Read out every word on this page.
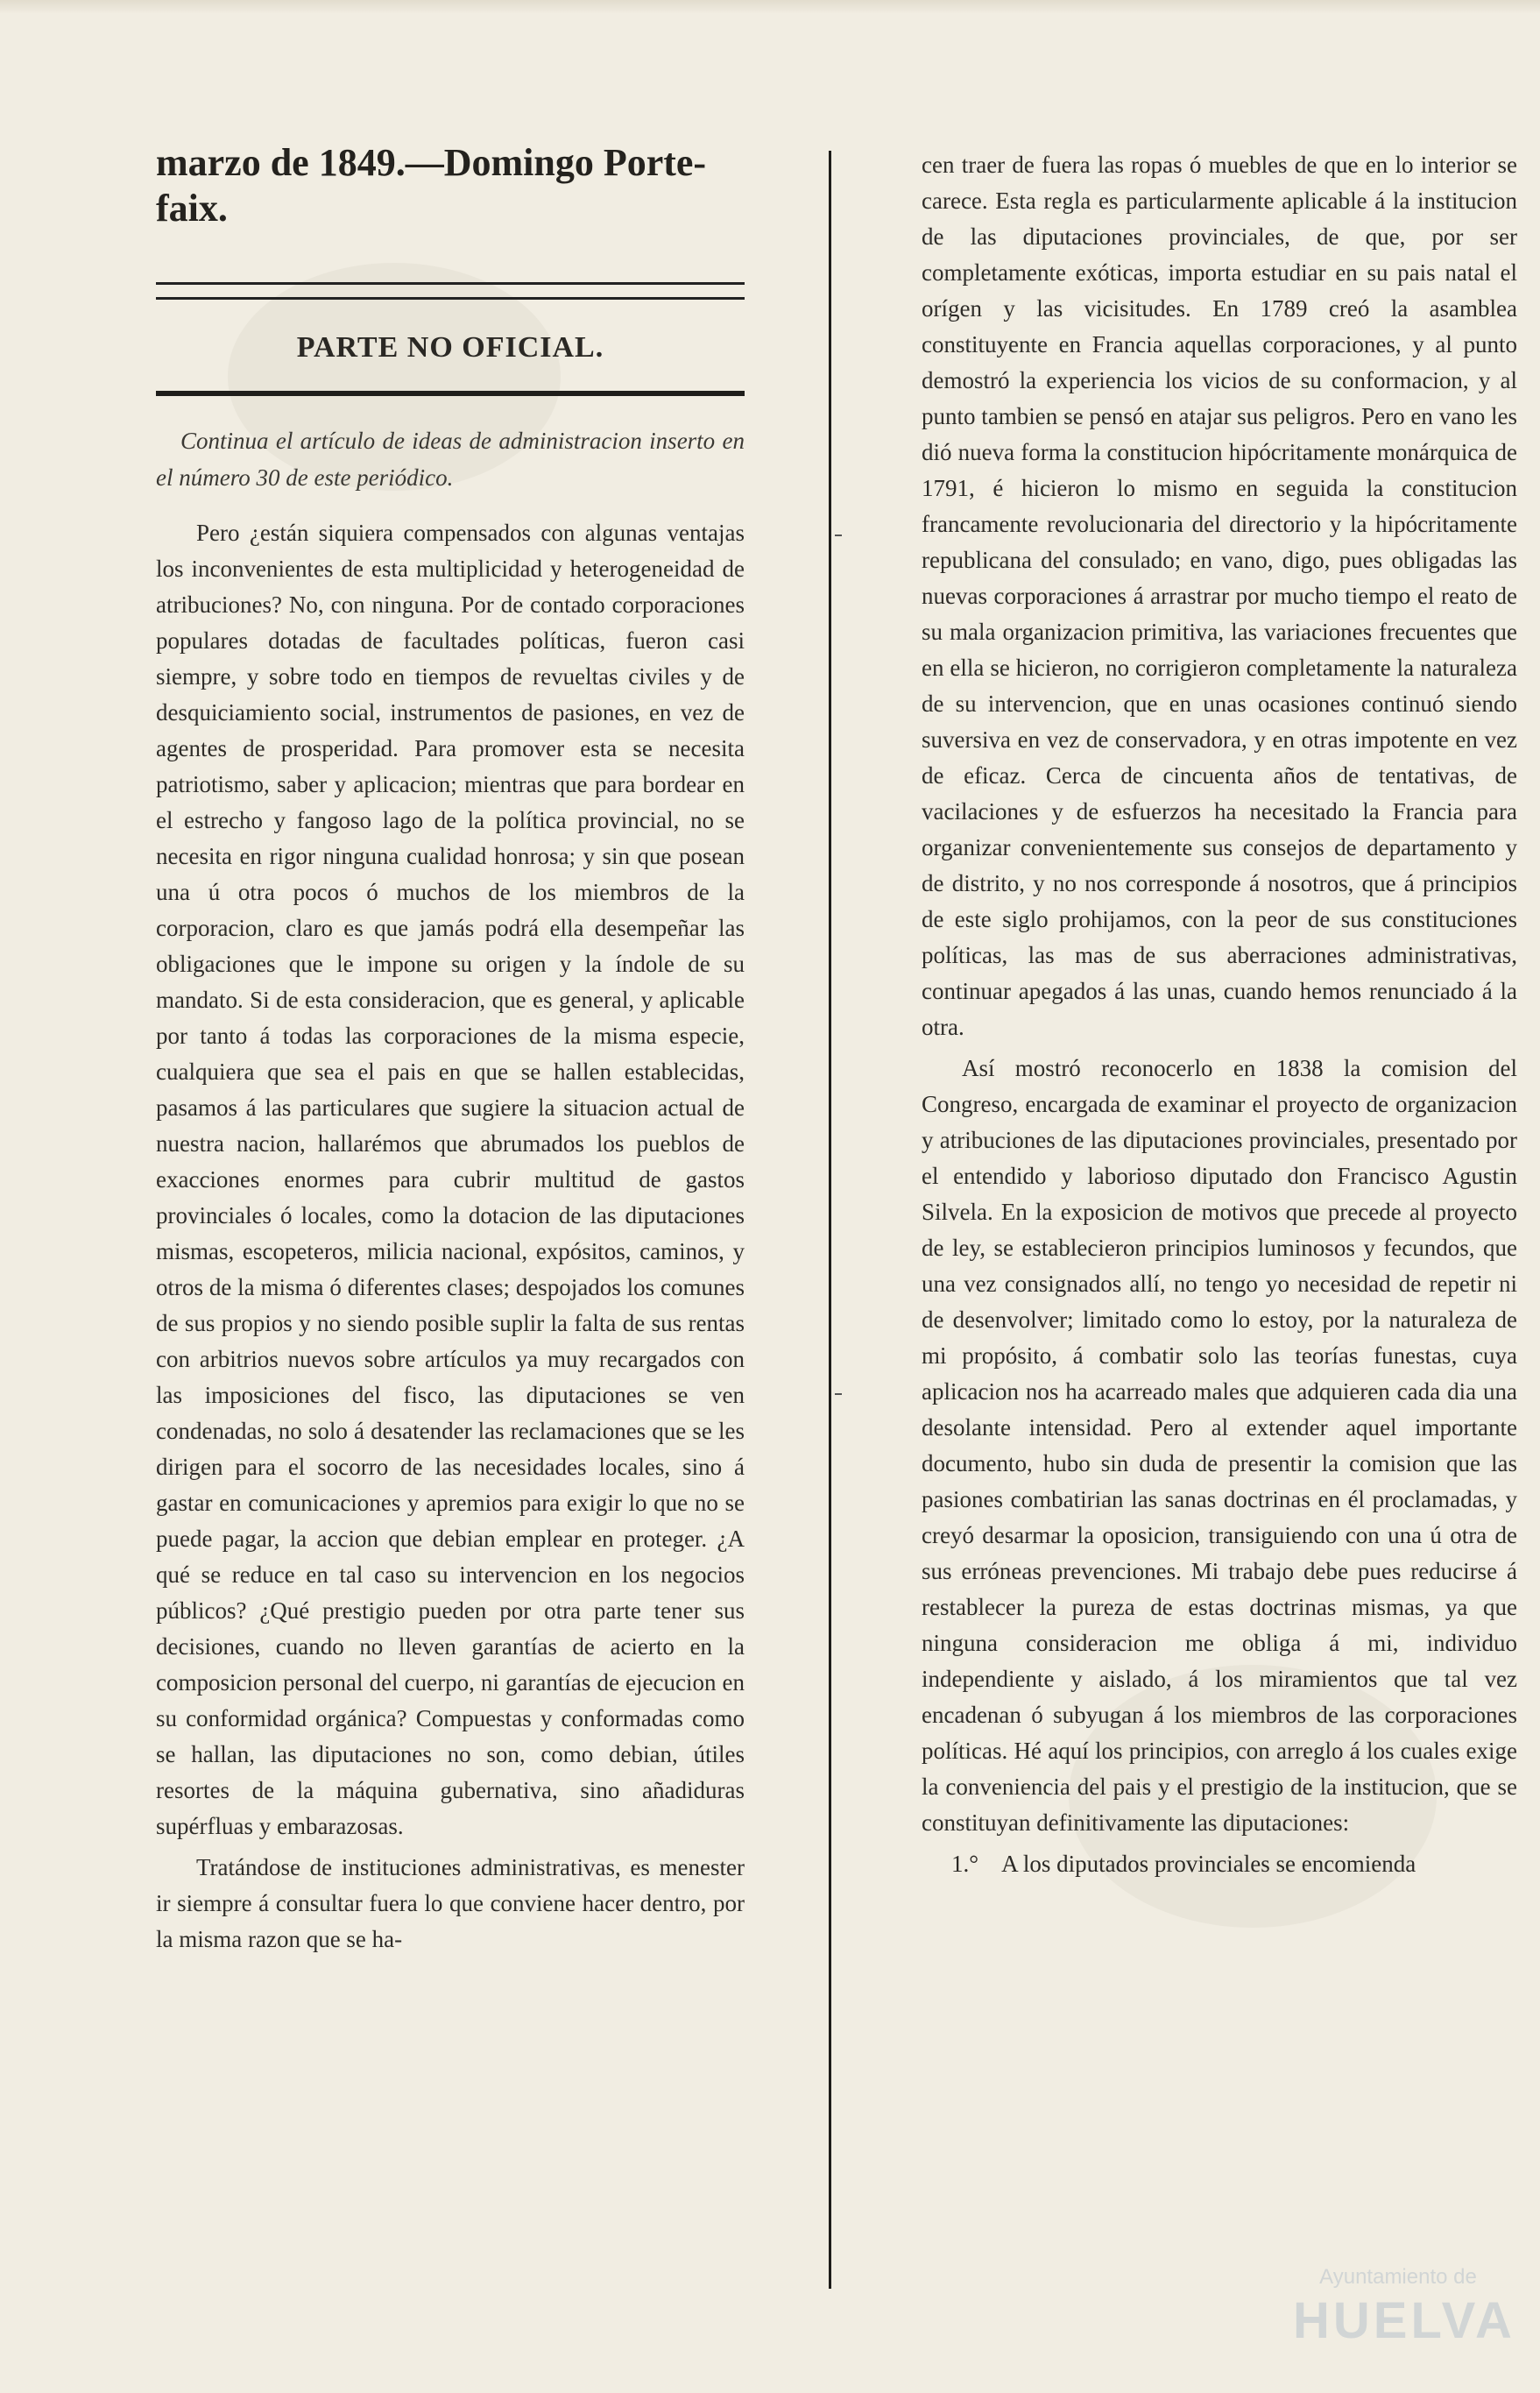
marzo de 1849.—Domingo Porte-
faix.
PARTE NO OFICIAL.

Continua el artículo de ideas de administracion inserto en el número 30 de este periódico.

Pero ¿están siquiera compensados con algunas ventajas los inconvenientes de esta multiplicidad y heterogeneidad de atribuciones? No, con ninguna. Por de contado corporaciones populares dotadas de facultades políticas, fueron casi siempre, y sobre todo en tiempos de revueltas civiles y de desquiciamiento social, instrumentos de pasiones, en vez de agentes de prosperidad. Para promover esta se necesita patriotismo, saber y aplicacion; mientras que para bordear en el estrecho y fangoso lago de la política provincial, no se necesita en rigor ninguna cualidad honrosa; y sin que posean una ú otra pocos ó muchos de los miembros de la corporacion, claro es que jamás podrá ella desempeñar las obligaciones que le impone su origen y la índole de su mandato. Si de esta consideracion, que es general, y aplicable por tanto á todas las corporaciones de la misma especie, cualquiera que sea el pais en que se hallen establecidas, pasamos á las particulares que sugiere la situacion actual de nuestra nacion, hallarémos que abrumados los pueblos de exacciones enormes para cubrir multitud de gastos provinciales ó locales, como la dotacion de las diputaciones mismas, escopeteros, milicia nacional, expósitos, caminos, y otros de la misma ó diferentes clases; despojados los comunes de sus propios y no siendo posible suplir la falta de sus rentas con arbitrios nuevos sobre artículos ya muy recargados con las imposiciones del fisco, las diputaciones se ven condenadas, no solo á desatender las reclamaciones que se les dirigen para el socorro de las necesidades locales, sino á gastar en comunicaciones y apremios para exigir lo que no se puede pagar, la accion que debian emplear en proteger. ¿A qué se reduce en tal caso su intervencion en los negocios públicos? ¿Qué prestigio pueden por otra parte tener sus decisiones, cuando no lleven garantías de acierto en la composicion personal del cuerpo, ni garantías de ejecucion en su conformidad orgánica? Compuestas y conformadas como se hallan, las diputaciones no son, como debian, útiles resortes de la máquina gubernativa, sino añadiduras supérfluas y embarazosas.

Tratándose de instituciones administrativas, es menester ir siempre á consultar fuera lo que conviene hacer dentro, por la misma razon que se ha-

cen traer de fuera las ropas ó muebles de que en lo interior se carece. Esta regla es particularmente aplicable á la institucion de las diputaciones provinciales, de que, por ser completamente exóticas, importa estudiar en su pais natal el orígen y las vicisitudes. En 1789 creó la asamblea constituyente en Francia aquellas corporaciones, y al punto demostró la experiencia los vicios de su conformacion, y al punto tambien se pensó en atajar sus peligros. Pero en vano les dió nueva forma la constitucion hipócritamente monárquica de 1791, é hicieron lo mismo en seguida la constitucion francamente revolucionaria del directorio y la hipócritamente republicana del consulado; en vano, digo, pues obligadas las nuevas corporaciones á arrastrar por mucho tiempo el reato de su mala organizacion primitiva, las variaciones frecuentes que en ella se hicieron, no corrigieron completamente la naturaleza de su intervencion, que en unas ocasiones continuó siendo suversiva en vez de conservadora, y en otras impotente en vez de eficaz. Cerca de cincuenta años de tentativas, de vacilaciones y de esfuerzos ha necesitado la Francia para organizar convenientemente sus consejos de departamento y de distrito, y no nos corresponde á nosotros, que á principios de este siglo prohijamos, con la peor de sus constituciones políticas, las mas de sus aberraciones administrativas, continuar apegados á las unas, cuando hemos renunciado á la otra.

Así mostró reconocerlo en 1838 la comision del Congreso, encargada de examinar el proyecto de organizacion y atribuciones de las diputaciones provinciales, presentado por el entendido y laborioso diputado don Francisco Agustin Silvela. En la exposicion de motivos que precede al proyecto de ley, se establecieron principios luminosos y fecundos, que una vez consignados allí, no tengo yo necesidad de repetir ni de desenvolver; limitado como lo estoy, por la naturaleza de mi propósito, á combatir solo las teorías funestas, cuya aplicacion nos ha acarreado males que adquieren cada dia una desolante intensidad. Pero al extender aquel importante documento, hubo sin duda de presentir la comision que las pasiones combatirian las sanas doctrinas en él proclamadas, y creyó desarmar la oposicion, transiguiendo con una ú otra de sus erróneas prevenciones. Mi trabajo debe pues reducirse á restablecer la pureza de estas doctrinas mismas, ya que ninguna consideracion me obliga á mi, individuo independiente y aislado, á los miramientos que tal vez encadenan ó subyugan á los miembros de las corporaciones políticas. Hé aquí los principios, con arreglo á los cuales exige la conveniencia del pais y el prestigio de la institucion, que se constituyan definitivamente las diputaciones:

1.° A los diputados provinciales se encomienda
Ayuntamiento de
HUELVA
